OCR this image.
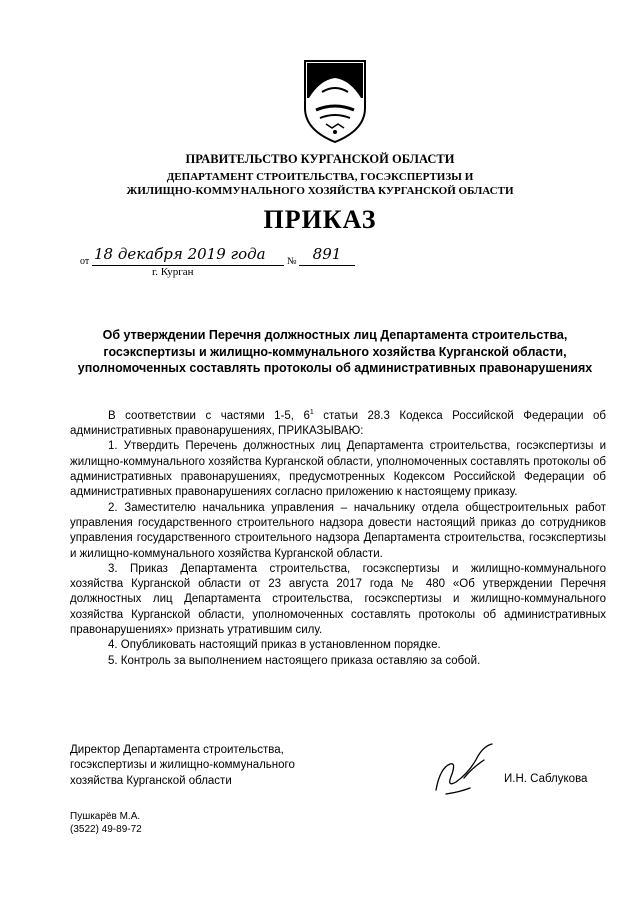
ПРАВИТЕЛЬСТВО КУРГАНСКОЙ ОБЛАСТИ
ДЕПАРТАМЕНТ СТРОИТЕЛЬСТВА, ГОСЭКСПЕРТИЗЫ И
ЖИЛИЩНО-КОММУНАЛЬНОГО ХОЗЯЙСТВА КУРГАНСКОЙ ОБЛАСТИ
ПРИКАЗ
от 18 декабря 2019 года	№	891
г. Курган
Об утверждении Перечня должностных лиц Департамента строительства,
госэкспертизы и жилищно-коммунального хозяйства Курганской области,
уполномоченных составлять протоколы об административных правонарушениях

В соответствии с частями 1-5, $6^1$ статьи 28.3 Кодекса Российской Федерации об административных правонарушениях, ПРИКАЗЫВАЮ:

1. Утвердить Перечень должностных лиц Департамента строительства, госэкспертизы и жилищно-коммунального хозяйства Курганской области, уполномоченных составлять протоколы об административных правонарушениях, предусмотренных Кодексом Российской Федерации об административных правонарушениях согласно приложению к настоящему приказу.

2. Заместителю начальника управления – начальнику отдела общестроительных работ управления государственного строительного надзора довести настоящий приказ до сотрудников управления государственного строительного надзора Департамента строительства, госэкспертизы и жилищно-коммунального хозяйства Курганской области.

3. Приказ Департамента строительства, госэкспертизы и жилищно-коммунального хозяйства Курганской области от 23 августа 2017 года № 480 «Об утверждении Перечня должностных лиц Департамента строительства, госэкспертизы и жилищно-коммунального хозяйства Курганской области, уполномоченных составлять протоколы об административных правонарушениях» признать утратившим силу.

4. Опубликовать настоящий приказ в установленном порядке.

5. Контроль за выполнением настоящего приказа оставляю за собой.

Директор Департамента строительства,
госэкспертизы и жилищно-коммунального
хозяйства Курганской области	И.Н. Саблукова
Пушкарёв М.А.
(3522) 49-89-72
